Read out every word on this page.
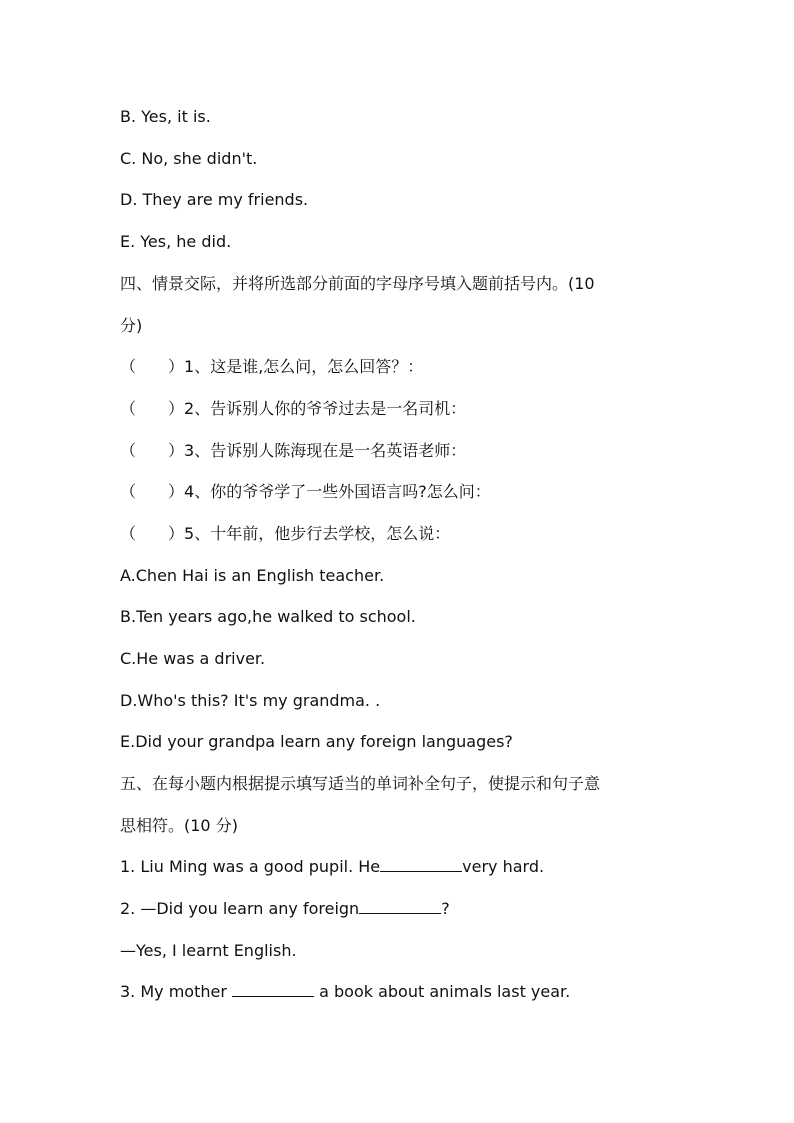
B. Yes, it is.
C. No, she didn't.
D. They are my friends.
E. Yes, he did.
四、情景交际，并将所选部分前面的字母序号填入题前括号内。(10
分)
（　　）1、这是谁,怎么问，怎么回答？：
（　　）2、告诉别人你的爷爷过去是一名司机：
（　　）3、告诉别人陈海现在是一名英语老师：
（　　）4、你的爷爷学了一些外国语言吗?怎么问：
（　　）5、十年前，他步行去学校，怎么说：
A.Chen Hai is an English teacher.
B.Ten years ago,he walked to school.
C.He was a driver.
D.Who's this? It's my grandma. .
E.Did your grandpa learn any foreign languages?
五、在每小题内根据提示填写适当的单词补全句子，使提示和句子意
思相符。(10 分)
1. Liu Ming was a good pupil. He	very hard.
2. —Did you learn any foreign	?
—Yes, I learnt English.
3. My mother	a book about animals last year.
